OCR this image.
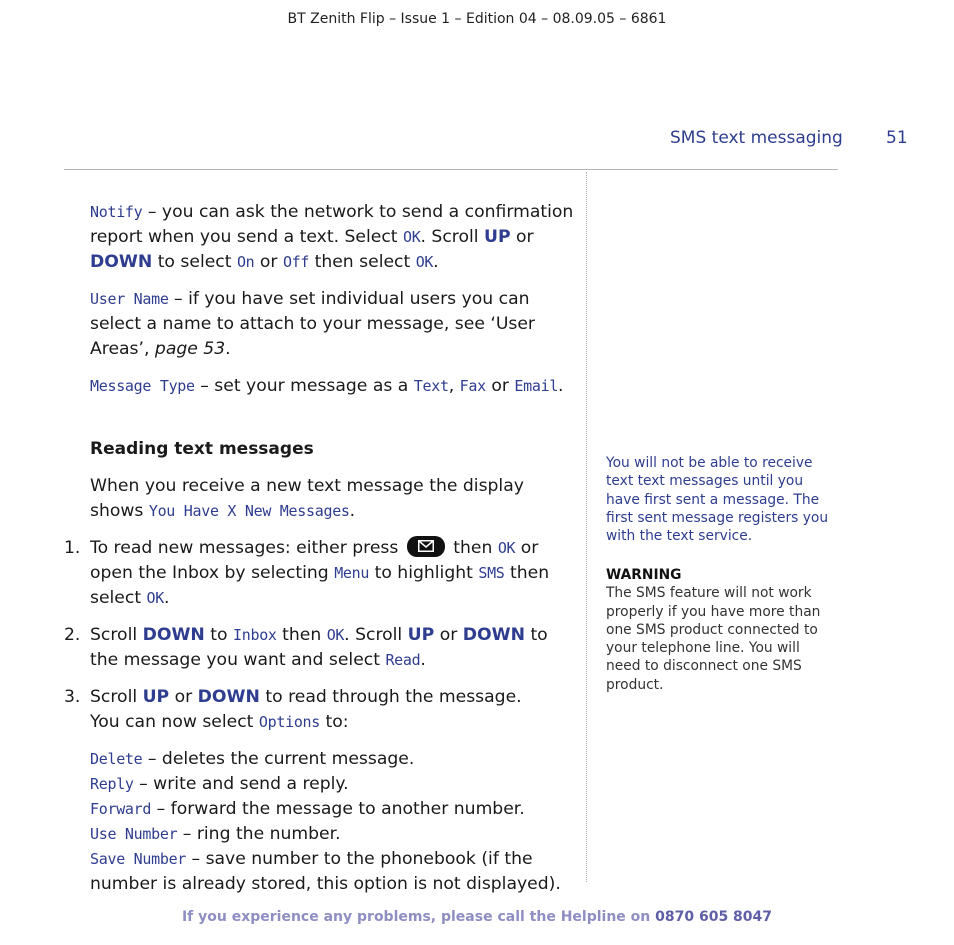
BT Zenith Flip – Issue 1 – Edition 04 – 08.09.05 – 6861
SMS text messaging	51

Notify – you can ask the network to send a confirmation report when you send a text. Select OK. Scroll UP or DOWN to select On or Off then select OK.

User Name – if you have set individual users you can select a name to attach to your message, see ‘User Areas’, page 53.

Message Type – set your message as a Text, Fax or Email.

Reading text messages

When you receive a new text message the display shows You Have X New Messages.

1. To read new messages: either press	then OK or open the Inbox by selecting Menu to highlight SMS then select OK.
2. Scroll DOWN to Inbox then OK. Scroll UP or DOWN to the message you want and select Read.
3. Scroll UP or DOWN to read through the message.
You can now select Options to:
Delete – deletes the current message.
Reply – write and send a reply.
Forward – forward the message to another number.
Use Number – ring the number.
Save Number – save number to the phonebook (if the number is already stored, this option is not displayed).
You will not be able to receive text text messages until you have first sent a message. The first sent message registers you with the text service.
WARNING
The SMS feature will not work properly if you have more than one SMS product connected to your telephone line. You will need to disconnect one SMS product.
If you experience any problems, please call the Helpline on 0870 605 8047
